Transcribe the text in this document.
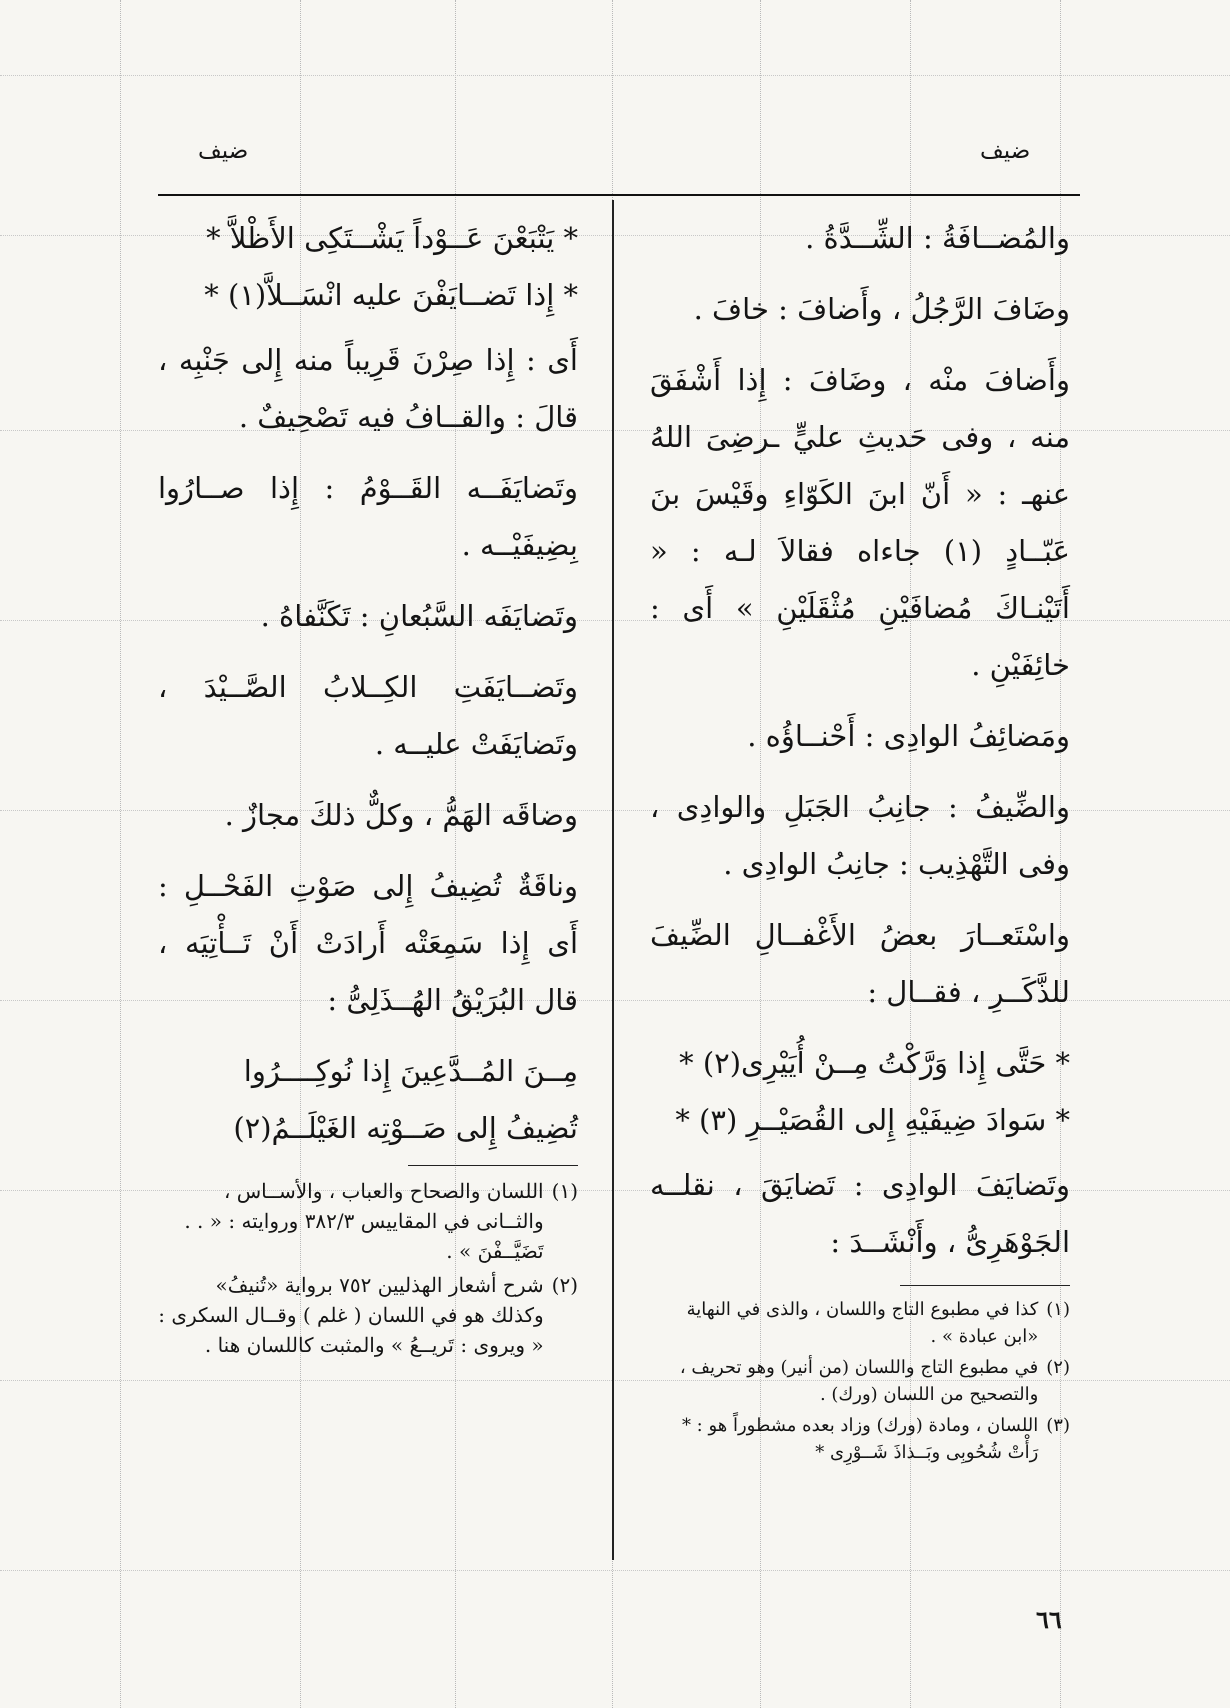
ضيف
ضيف

والمُضــافَةُ : الشِّــدَّةُ .

وضَافَ الرَّجُلُ ، وأَضافَ : خافَ .

وأَضافَ منْه ، وضَافَ : إِذا أَشْفَقَ منه ، وفى حَديثِ عليٍّ ـرضِىَ اللهُ عنهـ : « أَنّ ابنَ الكَوّاءِ وقَيْسَ بنَ عَبّــادٍ (١) جاءاه فقالاَ لـه : « أَتَيْنـاكَ مُضافَيْنِ مُثْقَلَيْنِ » أَى : خائِفَيْنِ .

ومَضائِفُ الوادِى : أَحْنــاؤُه .

والضِّيفُ : جانِبُ الجَبَلِ والوادِى ، وفى التَّهْذِيب : جانِبُ الوادِى .

واسْتَعــارَ بعضُ الأَغْفــالِ الضِّيفَ للذَّكَــرِ ، فقــال :

* حَتَّى إِذا وَرَّكْتُ مِــنْ أُيَيْرِى(٢) *
* سَوادَ ضِيفَيْهِ إِلى القُصَيْــرِ (٣) *

وتَضايَفَ الوادِى : تَضايَقَ ، نقلــه الجَوْهَرِىُّ ، وأَنْشَــدَ :

(١)
كذا في مطبوع التاج واللسان ، والذى في النهاية «ابن عبادة » .
(٢)
في مطبوع التاج واللسان (من أنير) وهو تحريف ، والتصحيح من اللسان (ورك) .
(٣)
اللسان ، ومادة (ورك) وزاد بعده مشطوراً هو : * رَأْتْ شُحُوبِى وبَــذاذَ شَــوْرِى *
* يَتْبَعْنَ عَــوْداً يَشْــتَكِى الأَظْلاَّ *
* إِذا تَضــايَفْنَ عليه انْسَــلاَّ(١) *

أَى : إِذا صِرْنَ قَرِيباً منه إِلى جَنْبِه ، قالَ : والقــافُ فيه تَصْحِيفٌ .

وتَضايَفَــه القَــوْمُ : إِذا صــارُوا بِضِيفَيْــه .

وتَضايَفَه السَّبُعانِ : تَكَنَّفاهُ .

وتَضــايَفَتِ الكِــلابُ الصَّــيْدَ ، وتَضايَفَتْ عليــه .

وضاقَه الهَمُّ ، وكلٌّ ذلكَ مجازٌ .

وناقَةٌ تُضِيفُ إِلى صَوْتِ الفَحْــلِ : أَى إِذا سَمِعَتْه أَرادَتْ أَنْ تَــأْتِيَه ، قال البُرَيْقُ الهُــذَلِىُّ :

مِــنَ المُــدَّعِينَ إِذا نُوكِــــرُوا
تُضِيفُ إِلى صَــوْتِه الغَيْلَــمُ(٢)
(١)
اللسان والصحاح والعباب ، والأســاس ، والثــانى في المقاييس ٣٨٢/٣ وروايته : « . . تَضَيَّــفْنَ » .
(٢)
شرح أشعار الهذليين ٧٥٢ برواية «تُنيفُ» وكذلك هو في اللسان ( غلم ) وقــال السكرى : « ويروى : تَريــعُ » والمثبت كاللسان هنا .
٦٦
